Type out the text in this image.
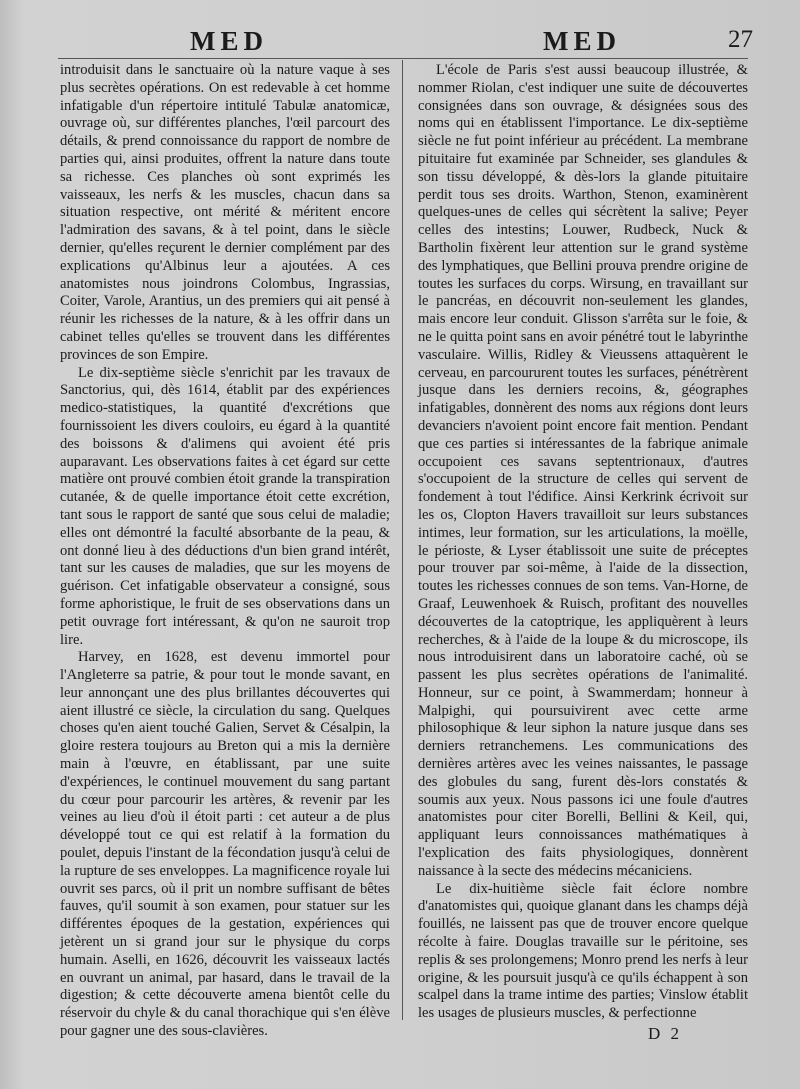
MED	MED	27

introduisit dans le sanctuaire où la nature vaque à ses plus secrètes opérations. On est redevable à cet homme infatigable d'un répertoire intitulé Tabulæ anatomicæ, ouvrage où, sur différentes planches, l'œil parcourt des détails, & prend connoissance du rapport de nombre de parties qui, ainsi produites, offrent la nature dans toute sa richesse. Ces planches où sont exprimés les vaisseaux, les nerfs & les muscles, chacun dans sa situation respective, ont mérité & méritent encore l'admiration des savans, & à tel point, dans le siècle dernier, qu'elles reçurent le dernier complément par des explications qu'Albinus leur a ajoutées. A ces anatomistes nous joindrons Colombus, Ingrassias, Coiter, Varole, Arantius, un des premiers qui ait pensé à réunir les richesses de la nature, & à les offrir dans un cabinet telles qu'elles se trouvent dans les différentes provinces de son Empire.

Le dix-septième siècle s'enrichit par les travaux de Sanctorius, qui, dès 1614, établit par des expériences medico-statistiques, la quantité d'excrétions que fournissoient les divers couloirs, eu égard à la quantité des boissons & d'alimens qui avoient été pris auparavant. Les observations faites à cet égard sur cette matière ont prouvé combien étoit grande la transpiration cutanée, & de quelle importance étoit cette excrétion, tant sous le rapport de santé que sous celui de maladie; elles ont démontré la faculté absorbante de la peau, & ont donné lieu à des déductions d'un bien grand intérêt, tant sur les causes de maladies, que sur les moyens de guérison. Cet infatigable observateur a consigné, sous forme aphoristique, le fruit de ses observations dans un petit ouvrage fort intéressant, & qu'on ne sauroit trop lire.

Harvey, en 1628, est devenu immortel pour l'Angleterre sa patrie, & pour tout le monde savant, en leur annonçant une des plus brillantes découvertes qui aient illustré ce siècle, la circulation du sang. Quelques choses qu'en aient touché Galien, Servet & Césalpin, la gloire restera toujours au Breton qui a mis la dernière main à l'œuvre, en établissant, par une suite d'expériences, le continuel mouvement du sang partant du cœur pour parcourir les artères, & revenir par les veines au lieu d'où il étoit parti : cet auteur a de plus développé tout ce qui est relatif à la formation du poulet, depuis l'instant de la fécondation jusqu'à celui de la rupture de ses enveloppes. La magnificence royale lui ouvrit ses parcs, où il prit un nombre suffisant de bêtes fauves, qu'il soumit à son examen, pour statuer sur les différentes époques de la gestation, expériences qui jetèrent un si grand jour sur le physique du corps humain. Aselli, en 1626, découvrit les vaisseaux lactés en ouvrant un animal, par hasard, dans le travail de la digestion; & cette découverte amena bientôt celle du réservoir du chyle & du canal thorachique qui s'en élève pour gagner une des sous-clavières.

L'école de Paris s'est aussi beaucoup illustrée, & nommer Riolan, c'est indiquer une suite de découvertes consignées dans son ouvrage, & désignées sous des noms qui en établissent l'importance. Le dix-septième siècle ne fut point inférieur au précédent. La membrane pituitaire fut examinée par Schneider, ses glandules & son tissu développé, & dès-lors la glande pituitaire perdit tous ses droits. Warthon, Stenon, examinèrent quelques-unes de celles qui sécrètent la salive; Peyer celles des intestins; Louwer, Rudbeck, Nuck & Bartholin fixèrent leur attention sur le grand système des lymphatiques, que Bellini prouva prendre origine de toutes les surfaces du corps. Wirsung, en travaillant sur le pancréas, en découvrit non-seulement les glandes, mais encore leur conduit. Glisson s'arrêta sur le foie, & ne le quitta point sans en avoir pénétré tout le labyrinthe vasculaire. Willis, Ridley & Vieussens attaquèrent le cerveau, en parcoururent toutes les surfaces, pénétrèrent jusque dans les derniers recoins, &, géographes infatigables, donnèrent des noms aux régions dont leurs devanciers n'avoient point encore fait mention. Pendant que ces parties si intéressantes de la fabrique animale occupoient ces savans septentrionaux, d'autres s'occupoient de la structure de celles qui servent de fondement à tout l'édifice. Ainsi Kerkrink écrivoit sur les os, Clopton Havers travailloit sur leurs substances intimes, leur formation, sur les articulations, la moëlle, le périoste, & Lyser établissoit une suite de préceptes pour trouver par soi-même, à l'aide de la dissection, toutes les richesses connues de son tems. Van-Horne, de Graaf, Leuwenhoek & Ruisch, profitant des nouvelles découvertes de la catoptrique, les appliquèrent à leurs recherches, & à l'aide de la loupe & du microscope, ils nous introduisirent dans un laboratoire caché, où se passent les plus secrètes opérations de l'animalité. Honneur, sur ce point, à Swammerdam; honneur à Malpighi, qui poursuivirent avec cette arme philosophique & leur siphon la nature jusque dans ses derniers retranchemens. Les communications des dernières artères avec les veines naissantes, le passage des globules du sang, furent dès-lors constatés & soumis aux yeux. Nous passons ici une foule d'autres anatomistes pour citer Borelli, Bellini & Keil, qui, appliquant leurs connoissances mathématiques à l'explication des faits physiologiques, donnèrent naissance à la secte des médecins mécaniciens.

Le dix-huitième siècle fait éclore nombre d'anatomistes qui, quoique glanant dans les champs déjà fouillés, ne laissent pas que de trouver encore quelque récolte à faire. Douglas travaille sur le péritoine, ses replis & ses prolongemens; Monro prend les nerfs à leur origine, & les poursuit jusqu'à ce qu'ils échappent à son scalpel dans la trame intime des parties; Vinslow établit les usages de plusieurs muscles, & perfectionne

D 2
